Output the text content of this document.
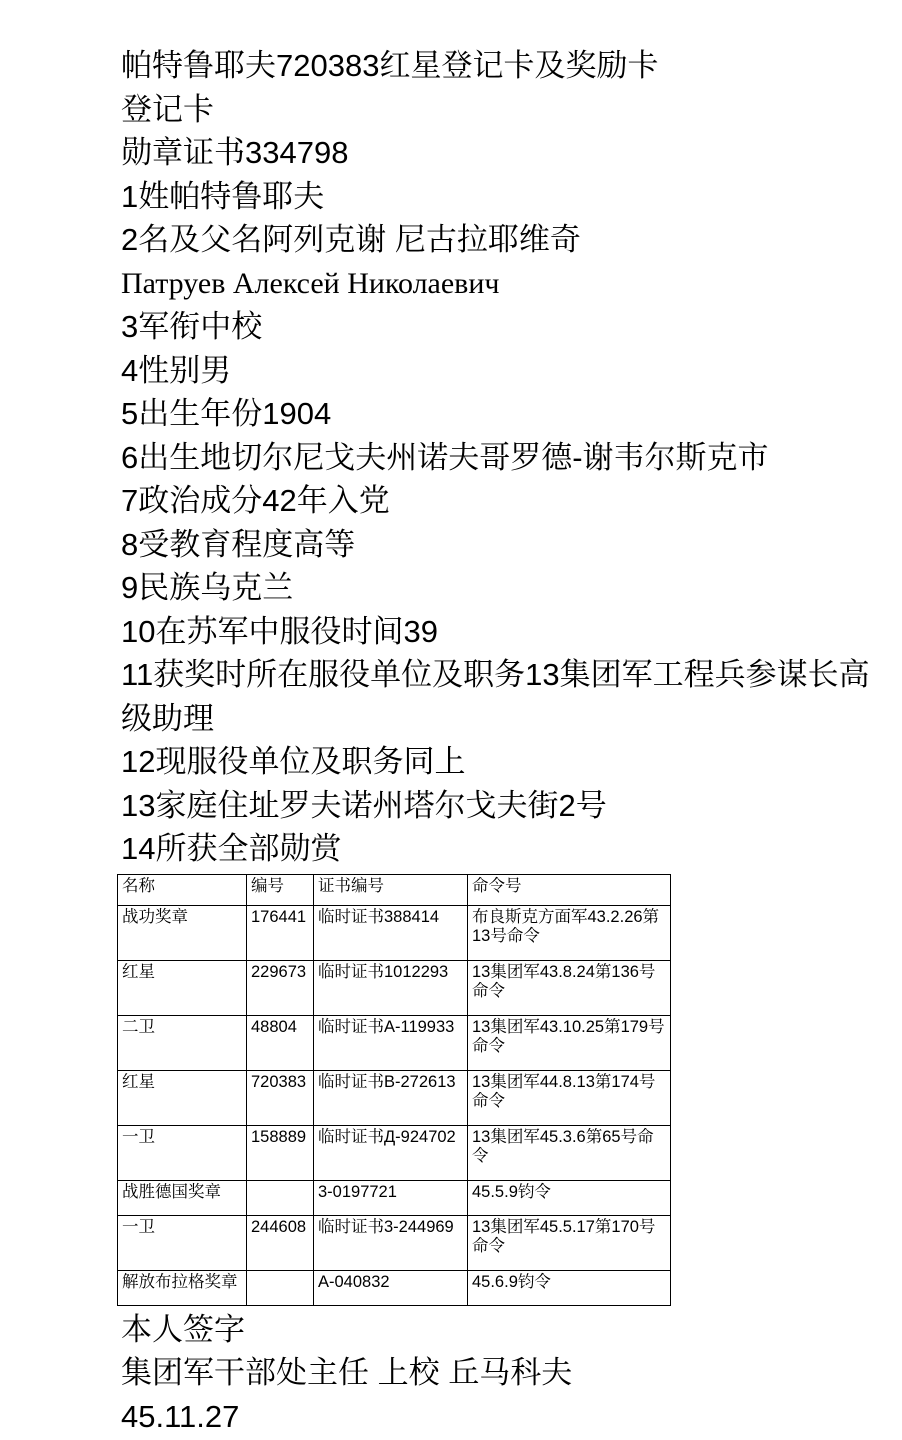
帕特鲁耶夫720383红星登记卡及奖励卡
登记卡
勋章证书334798
1姓帕特鲁耶夫
2名及父名阿列克谢 尼古拉耶维奇
Патруев Алексей Николаевич
3军衔中校
4性别男
5出生年份1904
6出生地切尔尼戈夫州诺夫哥罗德-谢韦尔斯克市
7政治成分42年入党
8受教育程度高等
9民族乌克兰
10在苏军中服役时间39
11获奖时所在服役单位及职务13集团军工程兵参谋长高级助理
12现服役单位及职务同上
13家庭住址罗夫诺州塔尔戈夫街2号
14所获全部勋赏
名称	编号	证书编号	命令号
战功奖章	176441	临时证书388414	布良斯克方面军43.2.26第13号命令
红星	229673	临时证书1012293	13集团军43.8.24第136号命令
二卫	48804	临时证书А-119933	13集团军43.10.25第179号命令
红星	720383	临时证书В-272613	13集团军44.8.13第174号命令
一卫	158889	临时证书Д-924702	13集团军45.3.6第65号命令
战胜德国奖章		3-0197721	45.5.9钧令
一卫	244608	临时证书3-244969	13集团军45.5.17第170号命令
解放布拉格奖章		A-040832	45.6.9钧令
本人签字
集团军干部处主任 上校 丘马科夫
45.11.27
